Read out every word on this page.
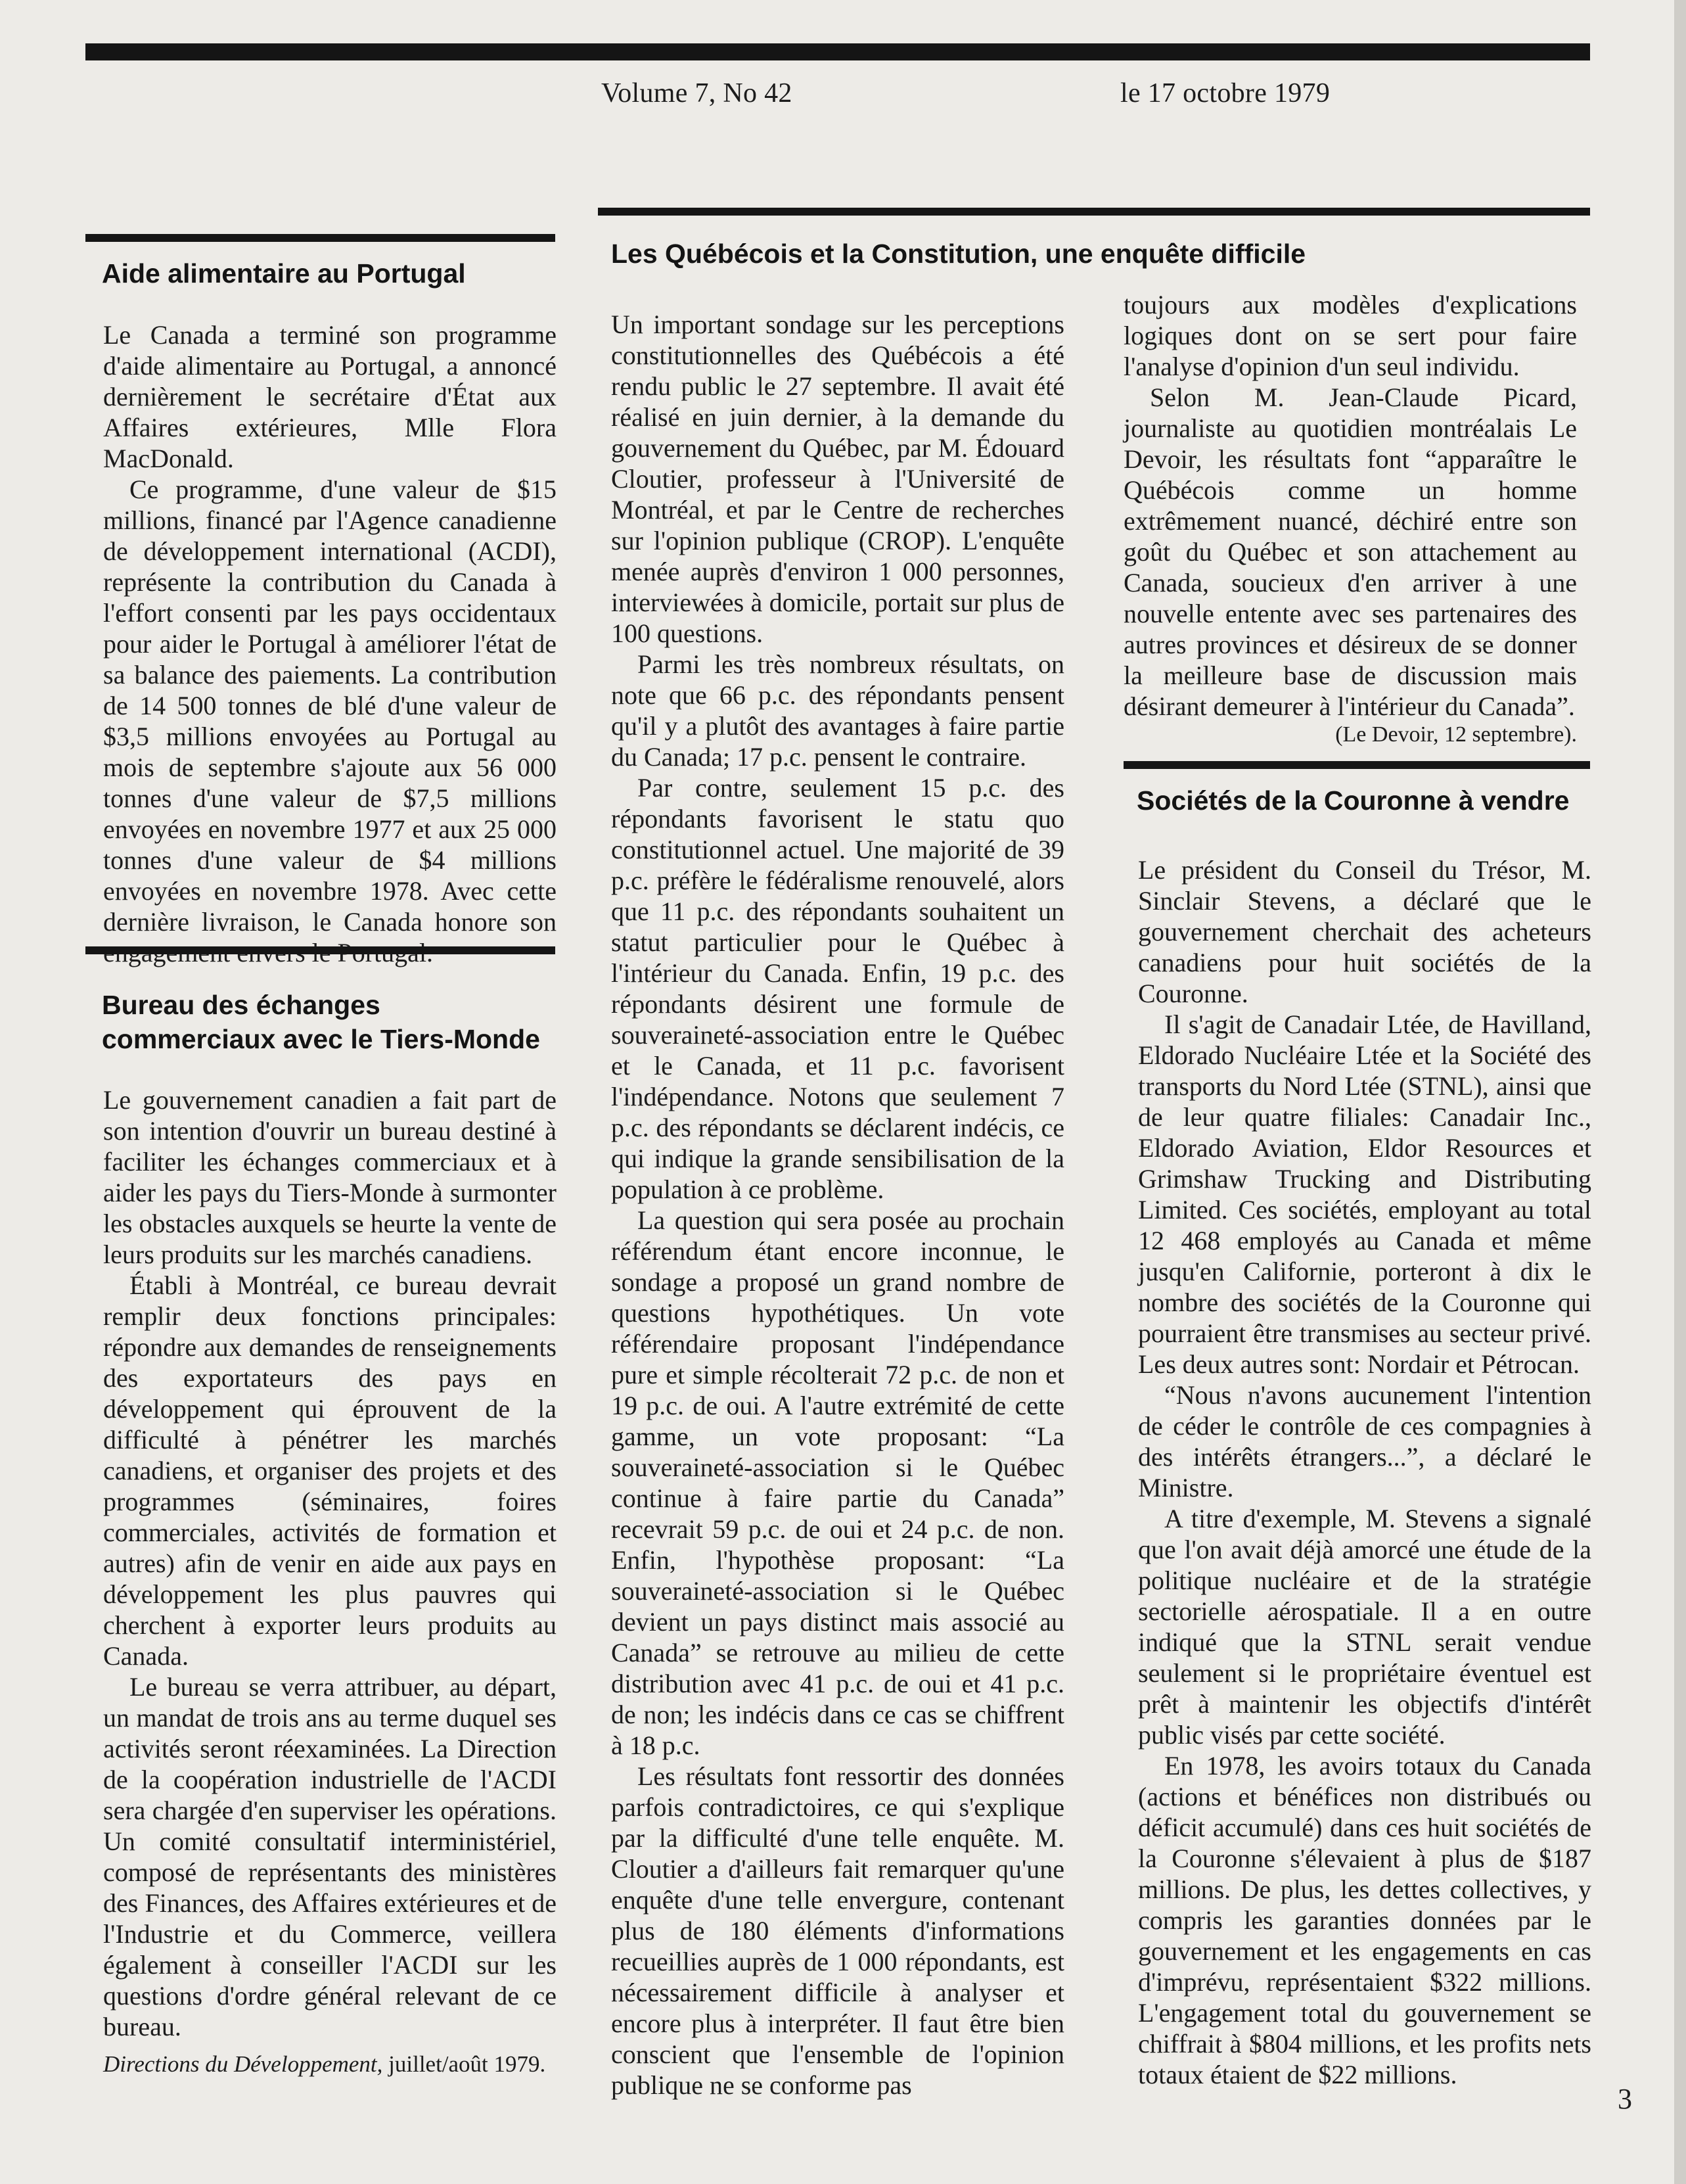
Volume 7, No 42	le 17 octobre 1979
Aide alimentaire au Portugal

Le Canada a terminé son programme d'aide alimentaire au Portugal, a annoncé dernièrement le secrétaire d'État aux Affaires extérieures, Mlle Flora MacDonald.

Ce programme, d'une valeur de $15 millions, financé par l'Agence canadienne de développement international (ACDI), représente la contribution du Canada à l'effort consenti par les pays occidentaux pour aider le Portugal à améliorer l'état de sa balance des paiements. La contribution de 14 500 tonnes de blé d'une valeur de $3,5 millions envoyées au Portugal au mois de septembre s'ajoute aux 56 000 tonnes d'une valeur de $7,5 millions envoyées en novembre 1977 et aux 25 000 tonnes d'une valeur de $4 millions envoyées en novembre 1978. Avec cette dernière livraison, le Canada honore son

Bureau des échanges commerciaux avec le Tiers-Monde

Le gouvernement canadien a fait part de son intention d'ouvrir un bureau destiné à faciliter les échanges commerciaux et à aider les pays du Tiers-Monde à surmonter les obstacles auxquels se heurte la vente de leurs produits sur les marchés canadiens.

Établi à Montréal, ce bureau devrait remplir deux fonctions principales: répondre aux demandes de renseignements des exportateurs des pays en développement qui éprouvent de la difficulté à pénétrer les marchés canadiens, et organiser des projets et des programmes (séminaires, foires commerciales, activités de formation et autres) afin de venir en aide aux pays en développement les plus pauvres qui cherchent à exporter leurs produits au Canada.

Le bureau se verra attribuer, au départ, un mandat de trois ans au terme duquel ses activités seront réexaminées. La Direction de la coopération industrielle de l'ACDI sera chargée d'en superviser les opérations. Un comité consultatif interministériel, composé de représentants des ministères des Finances, des Affaires extérieures et de l'Industrie et du Commerce, veillera également à conseiller l'ACDI sur les questions d'ordre général relevant de ce bureau.

Directions du Développement, juillet/août 1979.

Les Québécois et la Constitution, une enquête difficile

Un important sondage sur les perceptions constitutionnelles des Québécois a été rendu public le 27 septembre. Il avait été réalisé en juin dernier, à la demande du gouvernement du Québec, par M. Édouard Cloutier, professeur à l'Université de Montréal, et par le Centre de recherches sur l'opinion publique (CROP). L'enquête menée auprès d'environ 1 000 personnes, interviewées à domicile, portait sur plus de 100 questions.

Parmi les très nombreux résultats, on note que 66 p.c. des répondants pensent qu'il y a plutôt des avantages à faire partie du Canada; 17 p.c. pensent le contraire.

Par contre, seulement 15 p.c. des répondants favorisent le statu quo constitutionnel actuel. Une majorité de 39 p.c. préfère le fédéralisme renouvelé, alors que 11 p.c. des répondants souhaitent un statut particulier pour le Québec à l'intérieur du Canada. Enfin, 19 p.c. des répondants désirent une formule de souveraineté-association entre le Québec et le Canada, et 11 p.c. favorisent l'indépendance. Notons que seulement 7 p.c. des répondants se déclarent indécis, ce qui indique la grande sensibilisation de la population à ce problème.

La question qui sera posée au prochain référendum étant encore inconnue, le sondage a proposé un grand nombre de questions hypothétiques. Un vote référendaire proposant l'indépendance pure et simple récolterait 72 p.c. de non et 19 p.c. de oui. A l'autre extrémité de cette gamme, un vote proposant: “La souveraineté-association si le Québec continue à faire partie du Canada” recevrait 59 p.c. de oui et 24 p.c. de non. Enfin, l'hypothèse proposant: “La souveraineté-association si le Québec devient un pays distinct mais associé au Canada” se retrouve au milieu de cette distribution avec 41 p.c. de oui et 41 p.c. de non; les indécis dans ce cas se chiffrent à 18 p.c.

Les résultats font ressortir des données parfois contradictoires, ce qui s'explique par la difficulté d'une telle enquête. M. Cloutier a d'ailleurs fait remarquer qu'une enquête d'une telle envergure, contenant plus de 180 éléments d'informations recueillies auprès de 1 000 répondants, est nécessairement difficile à analyser et encore plus à interpréter. Il faut être bien conscient que l'ensemble de l'opinion publique ne se conforme pas

toujours aux modèles d'explications logiques dont on se sert pour faire l'analyse d'opinion d'un seul individu.

Selon M. Jean-Claude Picard, journaliste au quotidien montréalais Le Devoir, les résultats font “apparaître le Québécois comme un homme extrêmement nuancé, déchiré entre son goût du Québec et son attachement au Canada, soucieux d'en arriver à une nouvelle entente avec ses partenaires des autres provinces et désireux de se donner la meilleure base de discussion mais désirant demeurer à l'intérieur du Canada”.

(Le Devoir, 12 septembre).

Sociétés de la Couronne à vendre

Le président du Conseil du Trésor, M. Sinclair Stevens, a déclaré que le gouvernement cherchait des acheteurs canadiens pour huit sociétés de la Couronne.

Il s'agit de Canadair Ltée, de Havilland, Eldorado Nucléaire Ltée et la Société des transports du Nord Ltée (STNL), ainsi que de leur quatre filiales: Canadair Inc., Eldorado Aviation, Eldor Resources et Grimshaw Trucking and Distributing Limited. Ces sociétés, employant au total 12 468 employés au Canada et même jusqu'en Californie, porteront à dix le nombre des sociétés de la Couronne qui pourraient être transmises au secteur privé. Les deux autres sont: Nordair et Pétrocan.

“Nous n'avons aucunement l'intention de céder le contrôle de ces compagnies à des intérêts étrangers...”, a déclaré le Ministre.

A titre d'exemple, M. Stevens a signalé que l'on avait déjà amorcé une étude de la politique nucléaire et de la stratégie sectorielle aérospatiale. Il a en outre indiqué que la STNL serait vendue seulement si le propriétaire éventuel est prêt à maintenir les objectifs d'intérêt public visés par cette société.

En 1978, les avoirs totaux du Canada (actions et bénéfices non distribués ou déficit accumulé) dans ces huit sociétés de la Couronne s'élevaient à plus de $187 millions. De plus, les dettes collectives, y compris les garanties données par le gouvernement et les engagements en cas d'imprévu, représentaient $322 millions. L'engagement total du gouvernement se chiffrait à $804 millions, et les profits nets totaux étaient de $22 millions.

3
